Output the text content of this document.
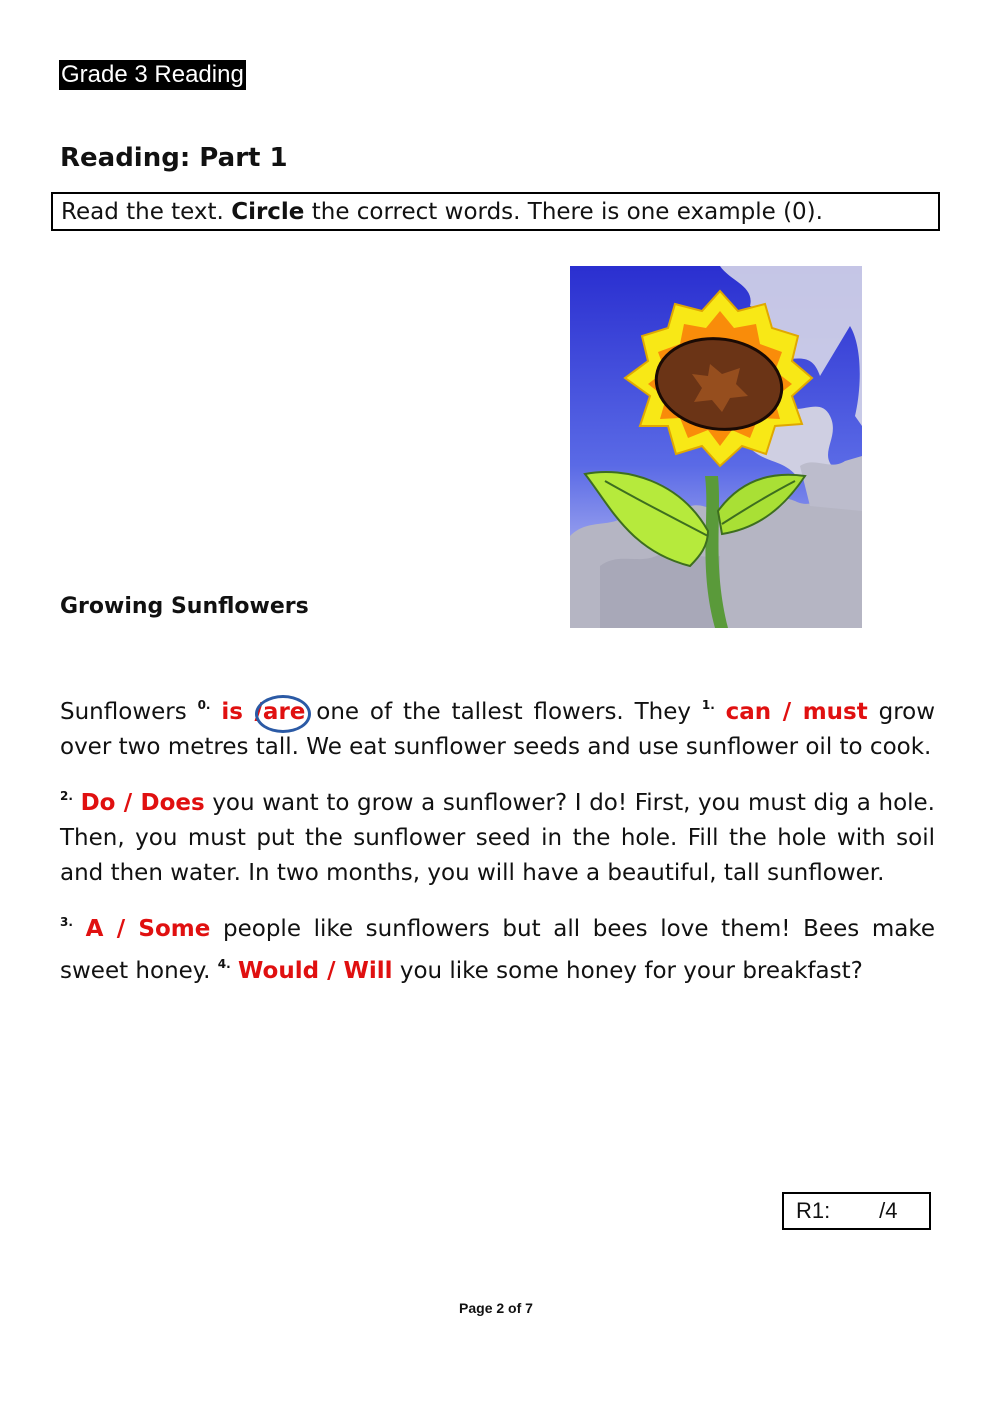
Grade 3 Reading
Reading: Part 1
Read the text. Circle the correct words. There is one example (0).
Growing Sunflowers

Sunflowers $^{0.}$ is /are
one of the tallest flowers. They $^{1.}$ can / must grow over two metres tall. We eat sunflower seeds and use sunflower oil to cook.

$^{2.}$ Do / Does you want to grow a sunflower? I do! First, you must dig a hole. Then, you must put the sunflower seed in the hole. Fill the hole with soil and then water. In two months, you will have a beautiful, tall sunflower.

$^{3.}$ A / Some people like sunflowers but all bees love them! Bees make sweet honey. $^{4.}$ Would / Will you like some honey for your breakfast?

R1:        /4
Page 2 of 7
